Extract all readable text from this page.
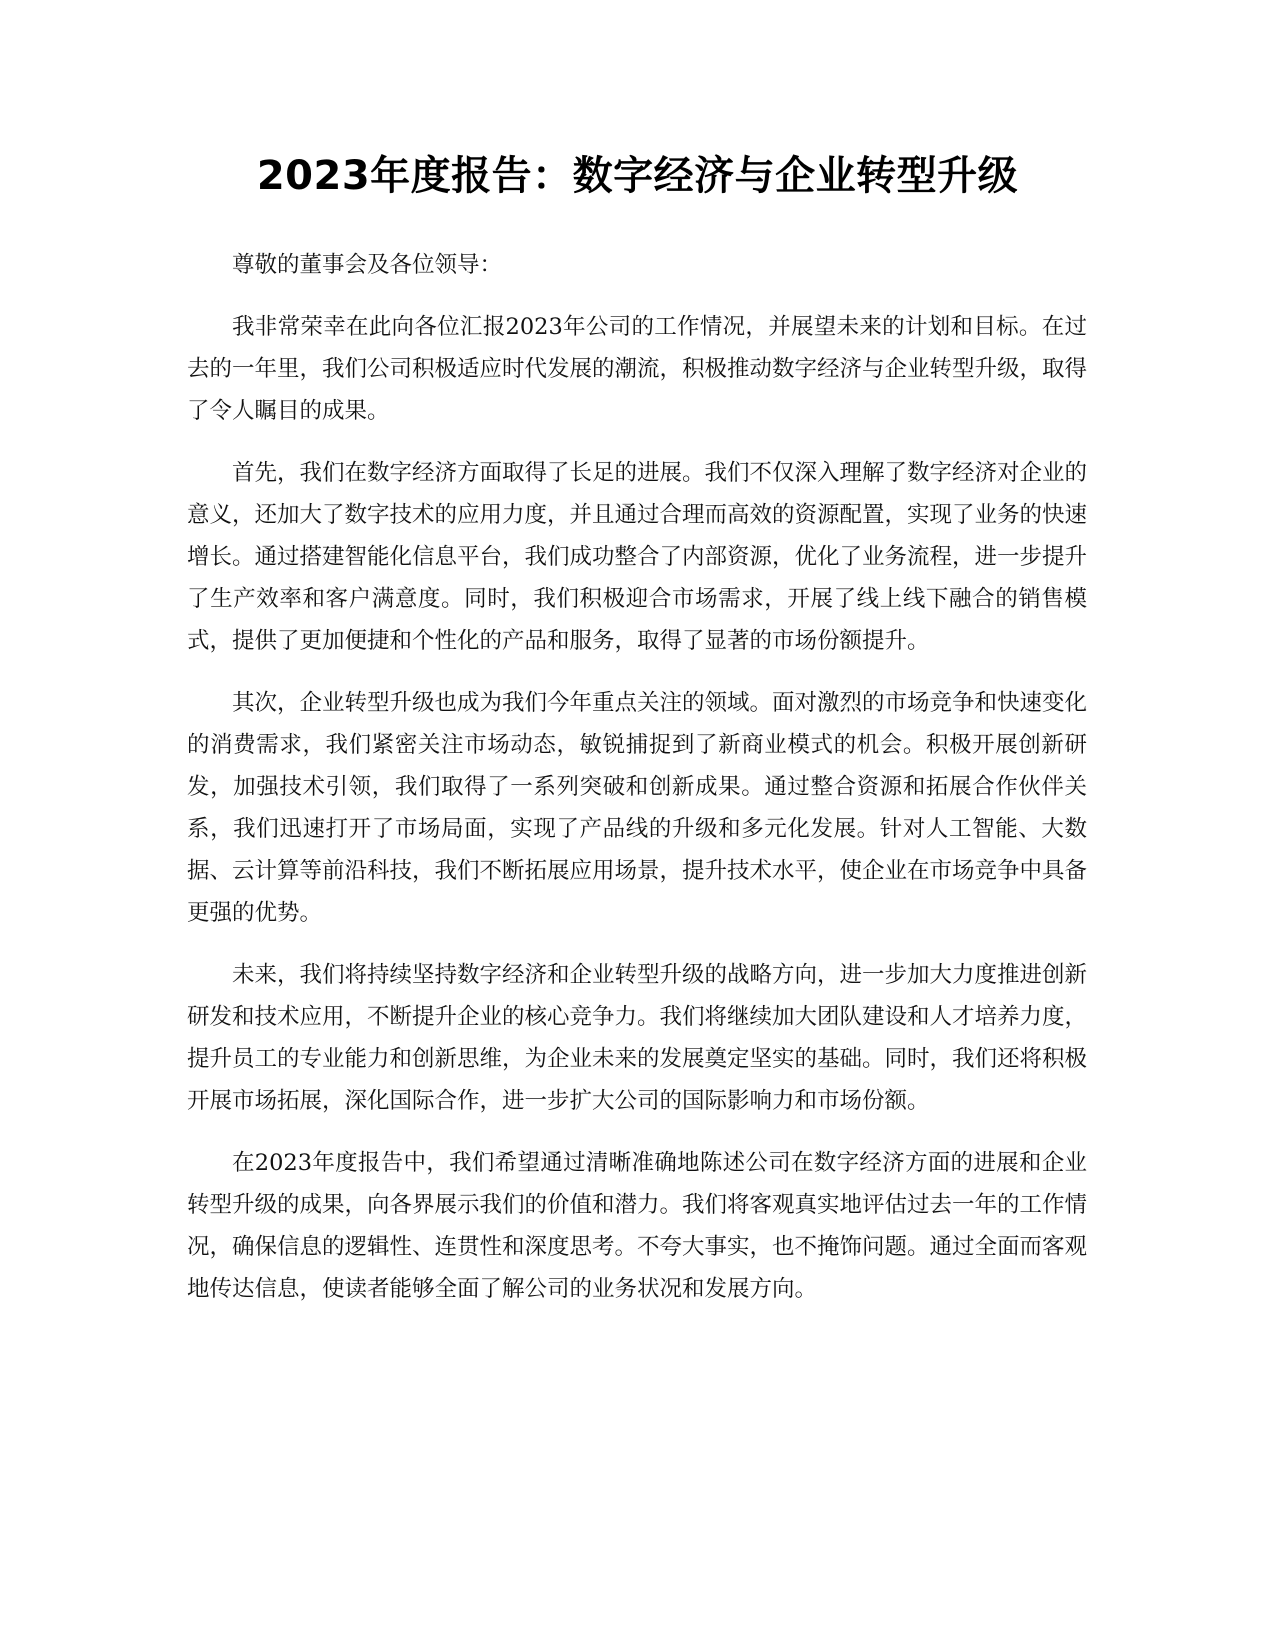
2023年度报告：数字经济与企业转型升级

尊敬的董事会及各位领导：

我非常荣幸在此向各位汇报2023年公司的工作情况，并展望未来的计划和目标。在过去的一年里，我们公司积极适应时代发展的潮流，积极推动数字经济与企业转型升级，取得了令人瞩目的成果。

首先，我们在数字经济方面取得了长足的进展。我们不仅深入理解了数字经济对企业的意义，还加大了数字技术的应用力度，并且通过合理而高效的资源配置，实现了业务的快速增长。通过搭建智能化信息平台，我们成功整合了内部资源，优化了业务流程，进一步提升了生产效率和客户满意度。同时，我们积极迎合市场需求，开展了线上线下融合的销售模式，提供了更加便捷和个性化的产品和服务，取得了显著的市场份额提升。

其次，企业转型升级也成为我们今年重点关注的领域。面对激烈的市场竞争和快速变化的消费需求，我们紧密关注市场动态，敏锐捕捉到了新商业模式的机会。积极开展创新研发，加强技术引领，我们取得了一系列突破和创新成果。通过整合资源和拓展合作伙伴关系，我们迅速打开了市场局面，实现了产品线的升级和多元化发展。针对人工智能、大数据、云计算等前沿科技，我们不断拓展应用场景，提升技术水平，使企业在市场竞争中具备更强的优势。

未来，我们将持续坚持数字经济和企业转型升级的战略方向，进一步加大力度推进创新研发和技术应用，不断提升企业的核心竞争力。我们将继续加大团队建设和人才培养力度，提升员工的专业能力和创新思维，为企业未来的发展奠定坚实的基础。同时，我们还将积极开展市场拓展，深化国际合作，进一步扩大公司的国际影响力和市场份额。

在2023年度报告中，我们希望通过清晰准确地陈述公司在数字经济方面的进展和企业转型升级的成果，向各界展示我们的价值和潜力。我们将客观真实地评估过去一年的工作情况，确保信息的逻辑性、连贯性和深度思考。不夸大事实，也不掩饰问题。通过全面而客观地传达信息，使读者能够全面了解公司的业务状况和发展方向。
